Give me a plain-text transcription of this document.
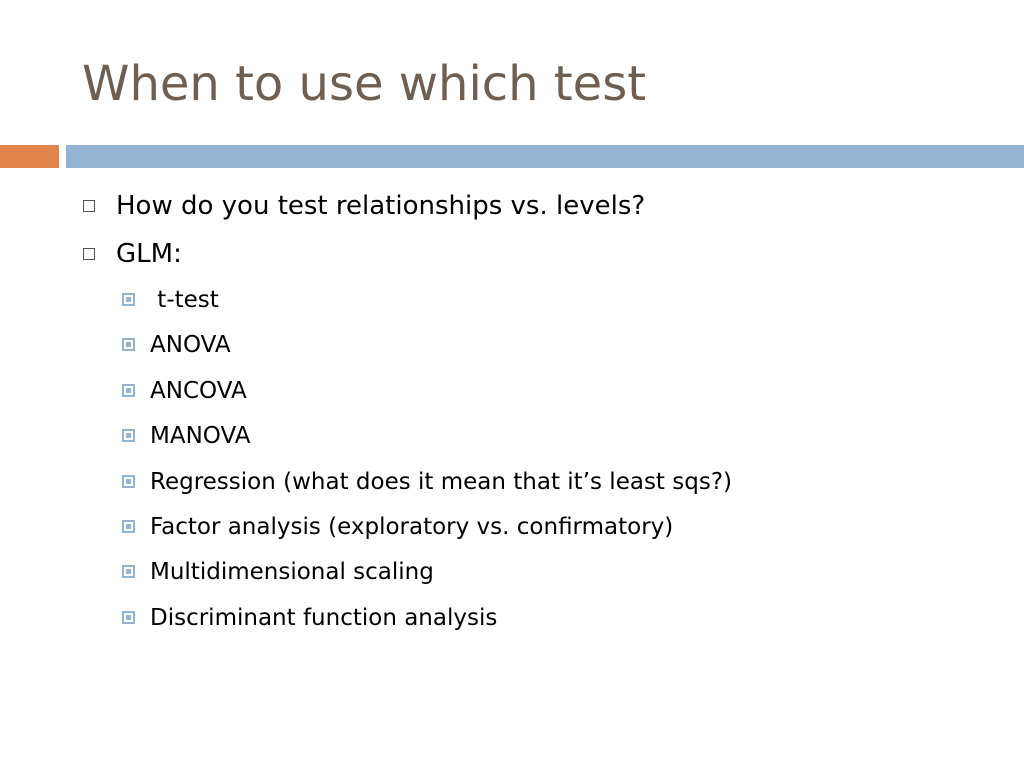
When to use which test
How do you test relationships vs. levels?
GLM:
t-test
ANOVA
ANCOVA
MANOVA
Regression (what does it mean that it’s least sqs?)
Factor analysis (exploratory vs. confirmatory)
Multidimensional scaling
Discriminant function analysis
